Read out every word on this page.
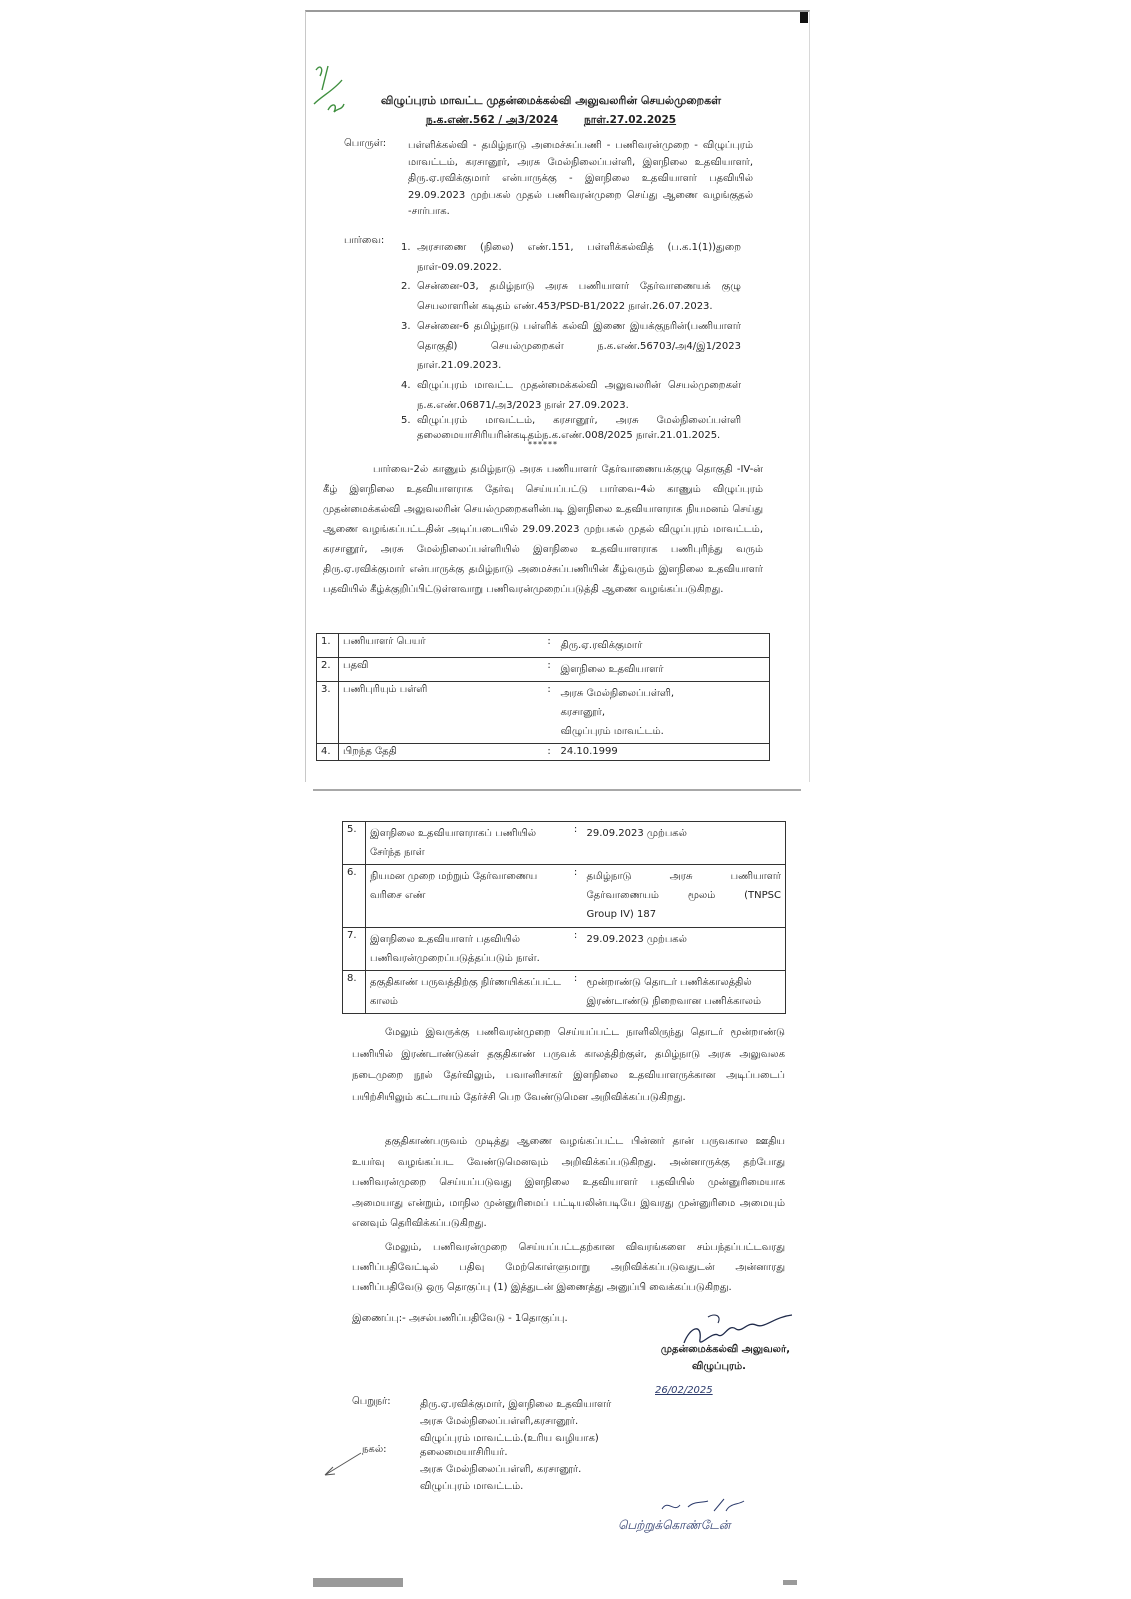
விழுப்புரம் மாவட்ட முதன்மைக்கல்வி அலுவலரின் செயல்முறைகள்
ந.க.எண்.562 / அ3/2024 நாள்.27.02.2025
பொருள்: பள்ளிக்கல்வி - தமிழ்நாடு அமைச்சுப்பணி - பணிவரன்முறை - விழுப்புரம் மாவட்டம், கரசானூர், அரசு மேல்நிலைப்பள்ளி, இளநிலை உதவியாளர், திரு.ஏ.ரவிக்குமார் என்பாருக்கு - இளநிலை உதவியாளர் பதவியில் 29.09.2023 முற்பகல் முதல் பணிவரன்முறை செய்து ஆணை வழங்குதல் -சார்பாக.
பார்வை:
1. அரசாணை (நிலை) எண்.151, பள்ளிக்கல்வித் (ப.க.1(1))துறை நாள்-09.09.2022.
2. சென்னை-03, தமிழ்நாடு அரசு பணியாளர் தேர்வாணையக் குழு செயலாளரின் கடிதம் எண்.453/PSD-B1/2022 நாள்.26.07.2023.
3. சென்னை-6 தமிழ்நாடு பள்ளிக் கல்வி இணை இயக்குநரின்(பணியாளர் தொகுதி) செயல்முறைகள் ந.க.எண்.56703/அ4/இ1/2023 நாள்.21.09.2023.
4. விழுப்புரம் மாவட்ட முதன்மைக்கல்வி அலுவலரின் செயல்முறைகள் ந.க.எண்.06871/அ3/2023 நாள் 27.09.2023.
5. விழுப்புரம் மாவட்டம், கரசானூர், அரசு மேல்நிலைப்பள்ளி தலைமையாசிரியரின்கடிதம்ந.க.எண்.008/2025 நாள்.21.01.2025.
******
பார்வை-2ல் காணும் தமிழ்நாடு அரசு பணியாளர் தேர்வாணையக்குழு தொகுதி -IV-ன் கீழ் இளநிலை உதவியாளராக தேர்வு செய்யப்பட்டு பார்வை-4ல் காணும் விழுப்புரம் முதன்மைக்கல்வி அலுவலரின் செயல்முறைகளின்படி இளநிலை உதவியாளராக நியமனம் செய்து ஆணை வழங்கப்பட்டதின் அடிப்படையில் 29.09.2023 முற்பகல் முதல் விழுப்புரம் மாவட்டம், கரசானூர், அரசு மேல்நிலைப்பள்ளியில் இளநிலை உதவியாளராக பணிபுரிந்து வரும் திரு.ஏ.ரவிக்குமார் என்பாருக்கு தமிழ்நாடு அமைச்சுப்பணியின் கீழ்வரும் இளநிலை உதவியாளர் பதவியில் கீழ்க்குறிப்பிட்டுள்ளவாறு பணிவரன்முறைப்படுத்தி ஆணை வழங்கப்படுகிறது.
1.	பணியாளர் பெயர்	:	திரு.ஏ.ரவிக்குமார்

2.	பதவி	:	இளநிலை உதவியாளர்

3.	பணிபுரியும் பள்ளி	:	அரசு மேல்நிலைப்பள்ளி,
கரசானூர்,
விழுப்புரம் மாவட்டம்.

4.	பிறந்த தேதி	:	24.10.1999
5.	இளநிலை உதவியாளராகப் பணியில் சேர்ந்த நாள்	:	29.09.2023 முற்பகல்

6.	நியமன முறை மற்றும் தேர்வாணைய வரிசை எண்	:	தமிழ்நாடு அரசு பணியாளர்
தேர்வாணையம் மூலம் (TNPSC
Group IV) 187

7.	இளநிலை உதவியாளர் பதவியில் பணிவரன்முறைப்படுத்தப்படும் நாள்.	:	29.09.2023 முற்பகல்

8.	தகுதிகாண் பருவத்திற்கு நிர்ணயிக்கப்பட்ட காலம்	:	மூன்றாண்டு தொடர் பணிக்காலத்தில்
இரண்டாண்டு நிறைவான பணிக்காலம்
மேலும் இவருக்கு பணிவரன்முறை செய்யப்பட்ட நாளிலிருந்து தொடர் மூன்றாண்டு பணியில் இரண்டாண்டுகள் தகுதிகாண் பருவக் காலத்திற்குள், தமிழ்நாடு அரசு அலுவலக நடைமுறை நூல் தேர்விலும், பவானிசாகர் இளநிலை உதவியாளருக்கான அடிப்படைப் பயிற்சியிலும் கட்டாயம் தேர்ச்சி பெற வேண்டுமென அறிவிக்கப்படுகிறது.
தகுதிகாண்பருவம் முடித்து ஆணை வழங்கப்பட்ட பின்னர் தான் பருவகால ஊதிய உயர்வு வழங்கப்பட வேண்டுமெனவும் அறிவிக்கப்படுகிறது. அன்னாருக்கு தற்போது பணிவரன்முறை செய்யப்படுவது இளநிலை உதவியாளர் பதவியில் முன்னுரிமையாக அமையாது என்றும், மாநில முன்னுரிமைப் பட்டியலின்படியே இவரது முன்னுரிமை அமையும் எனவும் தெரிவிக்கப்படுகிறது.
மேலும், பணிவரன்முறை செய்யப்பட்டதற்கான விவரங்களை சம்பந்தப்பட்டவரது பணிப்பதிவேட்டில் பதிவு மேற்கொள்ளுமாறு அறிவிக்கப்படுவதுடன் அன்னாரது பணிப்பதிவேடு ஒரு தொகுப்பு (1) இத்துடன் இணைத்து அனுப்பி வைக்கப்படுகிறது.
இணைப்பு:- அசல்பணிப்பதிவேடு - 1தொகுப்பு.
முதன்மைக்கல்வி அலுவலர்,
விழுப்புரம்.
26/02/2025
பெறுநர்:	திரு.ஏ.ரவிக்குமார், இளநிலை உதவியாளர்
அரசு மேல்நிலைப்பள்ளி,கரசானூர்.
விழுப்புரம் மாவட்டம்.(உரிய வழியாக)
நகல்:	தலைமையாசிரியர்.
அரசு மேல்நிலைப்பள்ளி, கரசானூர்.
விழுப்புரம் மாவட்டம்.
பெற்றுக்கொண்டேன்
